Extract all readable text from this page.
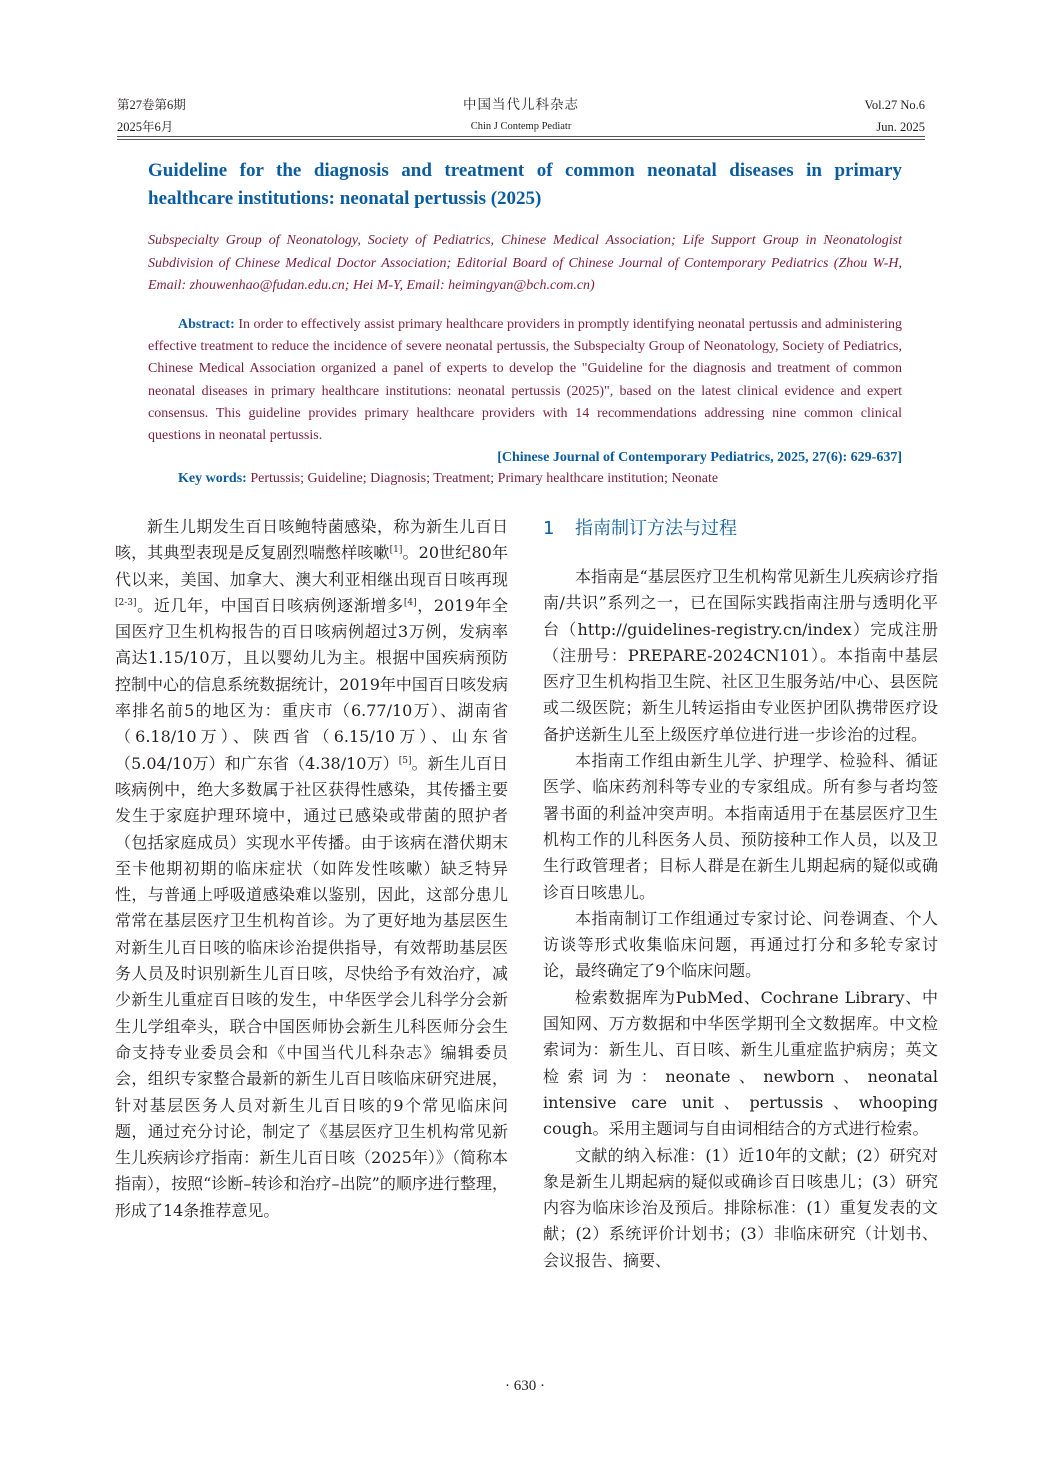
第27卷第6期
2025年6月
中国当代儿科杂志
Chin J Contemp Pediatr
Vol.27 No.6
Jun. 2025
Guideline for the diagnosis and treatment of common neonatal diseases in primary healthcare institutions: neonatal pertussis (2025)
Subspecialty Group of Neonatology, Society of Pediatrics, Chinese Medical Association; Life Support Group in Neonatologist Subdivision of Chinese Medical Doctor Association; Editorial Board of Chinese Journal of Contemporary Pediatrics (Zhou W-H, Email: zhouwenhao@fudan.edu.cn; Hei M-Y, Email: heimingyan@bch.com.cn)
Abstract: In order to effectively assist primary healthcare providers in promptly identifying neonatal pertussis and administering effective treatment to reduce the incidence of severe neonatal pertussis, the Subspecialty Group of Neonatology, Society of Pediatrics, Chinese Medical Association organized a panel of experts to develop the "Guideline for the diagnosis and treatment of common neonatal diseases in primary healthcare institutions: neonatal pertussis (2025)", based on the latest clinical evidence and expert consensus. This guideline provides primary healthcare providers with 14 recommendations addressing nine common clinical questions in neonatal pertussis.
[Chinese Journal of Contemporary Pediatrics, 2025, 27(6): 629-637]
Key words: Pertussis; Guideline; Diagnosis; Treatment; Primary healthcare institution; Neonate

新生儿期发生百日咳鲍特菌感染，称为新生儿百日咳，其典型表现是反复剧烈喘憋样咳嗽[1]。20世纪80年代以来，美国、加拿大、澳大利亚相继出现百日咳再现[2-3]。近几年，中国百日咳病例逐渐增多[4]，2019年全国医疗卫生机构报告的百日咳病例超过3万例，发病率高达1.15/10万，且以婴幼儿为主。根据中国疾病预防控制中心的信息系统数据统计，2019年中国百日咳发病率排名前5的地区为：重庆市（6.77/10万）、湖南省（6.18/10万）、陕西省（6.15/10万）、山东省（5.04/10万）和广东省（4.38/10万）[5]。新生儿百日咳病例中，绝大多数属于社区获得性感染，其传播主要发生于家庭护理环境中，通过已感染或带菌的照护者（包括家庭成员）实现水平传播。由于该病在潜伏期末至卡他期初期的临床症状（如阵发性咳嗽）缺乏特异性，与普通上呼吸道感染难以鉴别，因此，这部分患儿常常在基层医疗卫生机构首诊。为了更好地为基层医生对新生儿百日咳的临床诊治提供指导，有效帮助基层医务人员及时识别新生儿百日咳，尽快给予有效治疗，减少新生儿重症百日咳的发生，中华医学会儿科学分会新生儿学组牵头，联合中国医师协会新生儿科医师分会生命支持专业委员会和《中国当代儿科杂志》编辑委员会，组织专家整合最新的新生儿百日咳临床研究进展，针对基层医务人员对新生儿百日咳的9个常见临床问题，通过充分讨论，制定了《基层医疗卫生机构常见新生儿疾病诊疗指南：新生儿百日咳（2025年）》（简称本指南），按照“诊断–转诊和治疗–出院”的顺序进行整理，形成了14条推荐意见。

1 指南制订方法与过程

本指南是“基层医疗卫生机构常见新生儿疾病诊疗指南/共识”系列之一，已在国际实践指南注册与透明化平台（http://guidelines-registry.cn/index）完成注册（注册号：PREPARE-2024CN101）。本指南中基层医疗卫生机构指卫生院、社区卫生服务站/中心、县医院或二级医院；新生儿转运指由专业医护团队携带医疗设备护送新生儿至上级医疗单位进行进一步诊治的过程。

本指南工作组由新生儿学、护理学、检验科、循证医学、临床药剂科等专业的专家组成。所有参与者均签署书面的利益冲突声明。本指南适用于在基层医疗卫生机构工作的儿科医务人员、预防接种工作人员，以及卫生行政管理者；目标人群是在新生儿期起病的疑似或确诊百日咳患儿。

本指南制订工作组通过专家讨论、问卷调查、个人访谈等形式收集临床问题，再通过打分和多轮专家讨论，最终确定了9个临床问题。

检索数据库为PubMed、Cochrane Library、中国知网、万方数据和中华医学期刊全文数据库。中文检索词为：新生儿、百日咳、新生儿重症监护病房；英文检索词为：neonate、newborn、neonatal intensive care unit、pertussis、whooping cough。采用主题词与自由词相结合的方式进行检索。

文献的纳入标准：(1）近10年的文献；(2）研究对象是新生儿期起病的疑似或确诊百日咳患儿；(3）研究内容为临床诊治及预后。排除标准：(1）重复发表的文献；(2）系统评价计划书；(3）非临床研究（计划书、会议报告、摘要、

· 630 ·
